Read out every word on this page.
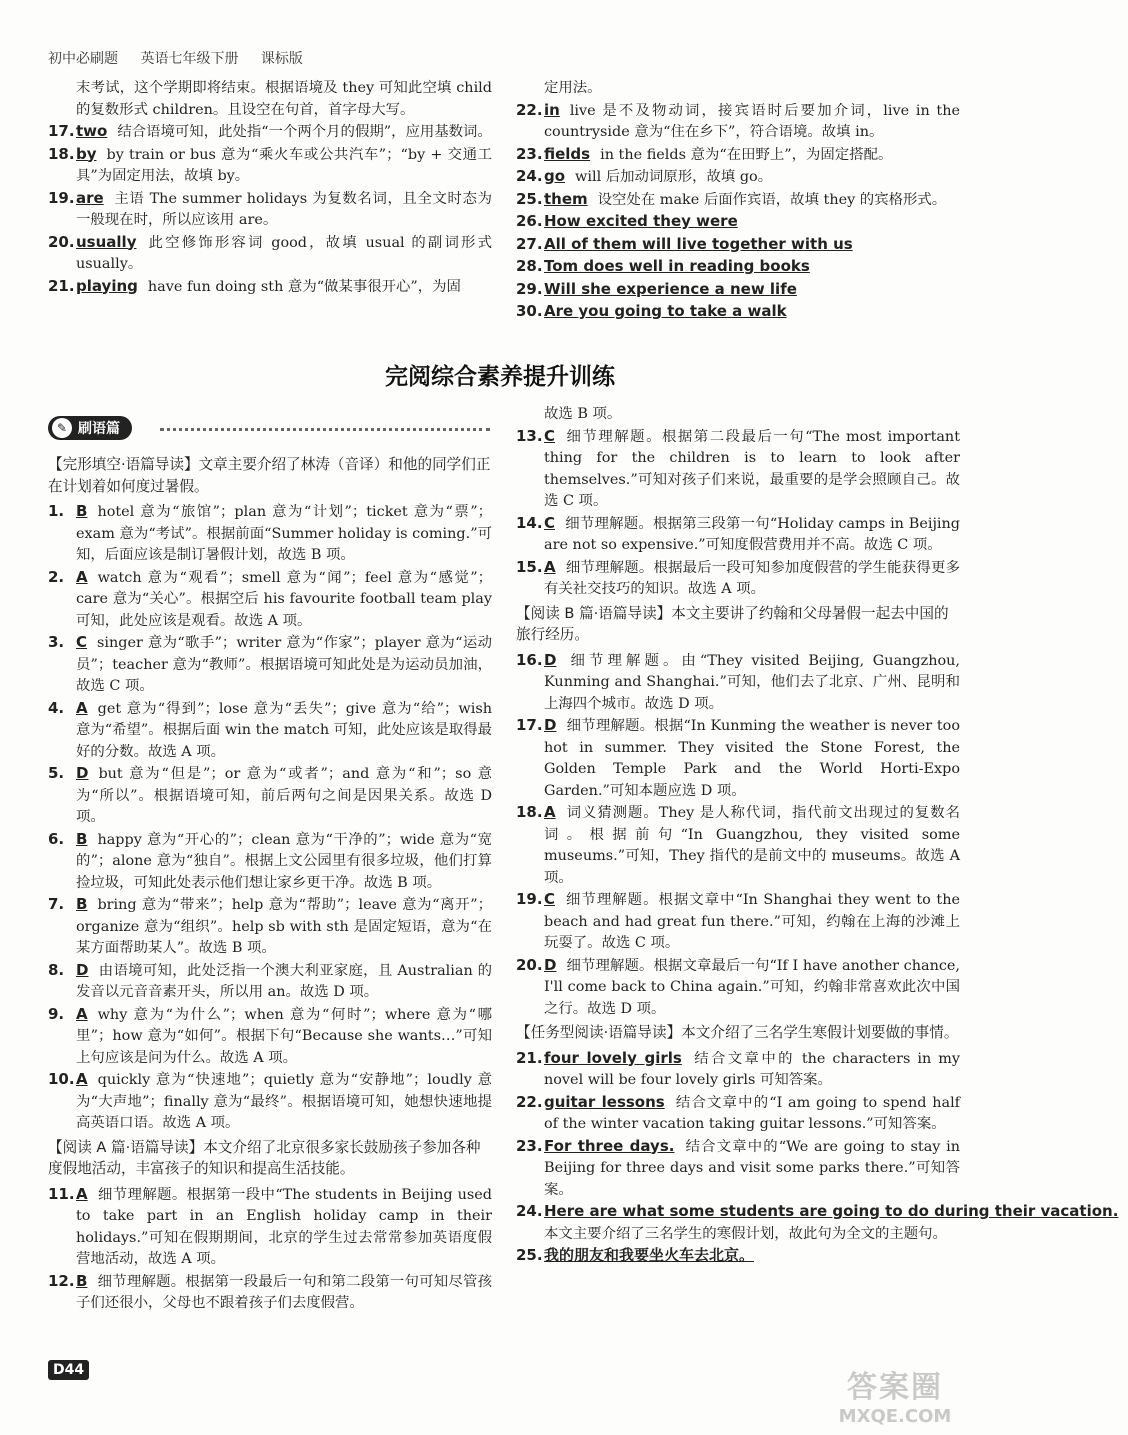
初中必刷题 英语七年级下册 课标版
末考试，这个学期即将结束。根据语境及 they 可知此空填 child 的复数形式 children。且设空在句首，首字母大写。
17. two 结合语境可知，此处指“一个两个月的假期”，应用基数词。
18. by by train or bus 意为“乘火车或公共汽车”；“by + 交通工具”为固定用法，故填 by。
19. are 主语 The summer holidays 为复数名词，且全文时态为一般现在时，所以应该用 are。
20. usually 此空修饰形容词 good，故填 usual 的副词形式 usually。
21. playing have fun doing sth 意为“做某事很开心”，为固
定用法。
22. in live 是不及物动词，接宾语时后要加介词，live in the countryside 意为“住在乡下”，符合语境。故填 in。
23. fields in the fields 意为“在田野上”，为固定搭配。
24. go will 后加动词原形，故填 go。
25. them 设空处在 make 后面作宾语，故填 they 的宾格形式。
26. How excited they were
27. All of them will live together with us
28. Tom does well in reading books
29. Will she experience a new life
30. Are you going to take a walk
完阅综合素养提升训练
✎ 刷语篇
【完形填空·语篇导读】文章主要介绍了林涛（音译）和他的同学们正在计划着如何度过暑假。
1. B hotel 意为“旅馆”；plan 意为“计划”；ticket 意为“票”；exam 意为“考试”。根据前面“Summer holiday is coming.”可知，后面应该是制订暑假计划，故选 B 项。
2. A watch 意为“观看”；smell 意为“闻”；feel 意为“感觉”；care 意为“关心”。根据空后 his favourite football team play 可知，此处应该是观看。故选 A 项。
3. C singer 意为“歌手”；writer 意为“作家”；player 意为“运动员”；teacher 意为“教师”。根据语境可知此处是为运动员加油，故选 C 项。
4. A get 意为“得到”；lose 意为“丢失”；give 意为“给”；wish 意为“希望”。根据后面 win the match 可知，此处应该是取得最好的分数。故选 A 项。
5. D but 意为“但是”；or 意为“或者”；and 意为“和”；so 意为“所以”。根据语境可知，前后两句之间是因果关系。故选 D 项。
6. B happy 意为“开心的”；clean 意为“干净的”；wide 意为“宽的”；alone 意为“独自”。根据上文公园里有很多垃圾，他们打算捡垃圾，可知此处表示他们想让家乡更干净。故选 B 项。
7. B bring 意为“带来”；help 意为“帮助”；leave 意为“离开”；organize 意为“组织”。help sb with sth 是固定短语，意为“在某方面帮助某人”。故选 B 项。
8. D 由语境可知，此处泛指一个澳大利亚家庭，且 Australian 的发音以元音音素开头，所以用 an。故选 D 项。
9. A why 意为“为什么”；when 意为“何时”；where 意为“哪里”；how 意为“如何”。根据下句“Because she wants…”可知上句应该是问为什么。故选 A 项。
10. A quickly 意为“快速地”；quietly 意为“安静地”；loudly 意为“大声地”；finally 意为“最终”。根据语境可知，她想快速地提高英语口语。故选 A 项。
【阅读 A 篇·语篇导读】本文介绍了北京很多家长鼓励孩子参加各种度假地活动，丰富孩子的知识和提高生活技能。
11. A 细节理解题。根据第一段中“The students in Beijing used to take part in an English holiday camp in their holidays.”可知在假期期间，北京的学生过去常常参加英语度假营地活动，故选 A 项。
12. B 细节理解题。根据第一段最后一句和第二段第一句可知尽管孩子们还很小，父母也不跟着孩子们去度假营。
故选 B 项。
13. C 细节理解题。根据第二段最后一句“The most important thing for the children is to learn to look after themselves.”可知对孩子们来说，最重要的是学会照顾自己。故选 C 项。
14. C 细节理解题。根据第三段第一句“Holiday camps in Beijing are not so expensive.”可知度假营费用并不高。故选 C 项。
15. A 细节理解题。根据最后一段可知参加度假营的学生能获得更多有关社交技巧的知识。故选 A 项。
【阅读 B 篇·语篇导读】本文主要讲了约翰和父母暑假一起去中国的旅行经历。
16. D 细节理解题。由“They visited Beijing, Guangzhou, Kunming and Shanghai.”可知，他们去了北京、广州、昆明和上海四个城市。故选 D 项。
17. D 细节理解题。根据“In Kunming the weather is never too hot in summer. They visited the Stone Forest, the Golden Temple Park and the World Horti-Expo Garden.”可知本题应选 D 项。
18. A 词义猜测题。They 是人称代词，指代前文出现过的复数名词。根据前句“In Guangzhou, they visited some museums.”可知，They 指代的是前文中的 museums。故选 A 项。
19. C 细节理解题。根据文章中“In Shanghai they went to the beach and had great fun there.”可知，约翰在上海的沙滩上玩耍了。故选 C 项。
20. D 细节理解题。根据文章最后一句“If I have another chance, I'll come back to China again.”可知，约翰非常喜欢此次中国之行。故选 D 项。
【任务型阅读·语篇导读】本文介绍了三名学生寒假计划要做的事情。
21. four lovely girls 结合文章中的 the characters in my novel will be four lovely girls 可知答案。
22. guitar lessons 结合文章中的“I am going to spend half of the winter vacation taking guitar lessons.”可知答案。
23. For three days. 结合文章中的“We are going to stay in Beijing for three days and visit some parks there.”可知答案。
24. Here are what some students are going to do during their vacation.本文主要介绍了三名学生的寒假计划，故此句为全文的主题句。
25. 我的朋友和我要坐火车去北京。
D44	答案圈
MXQE.COM
